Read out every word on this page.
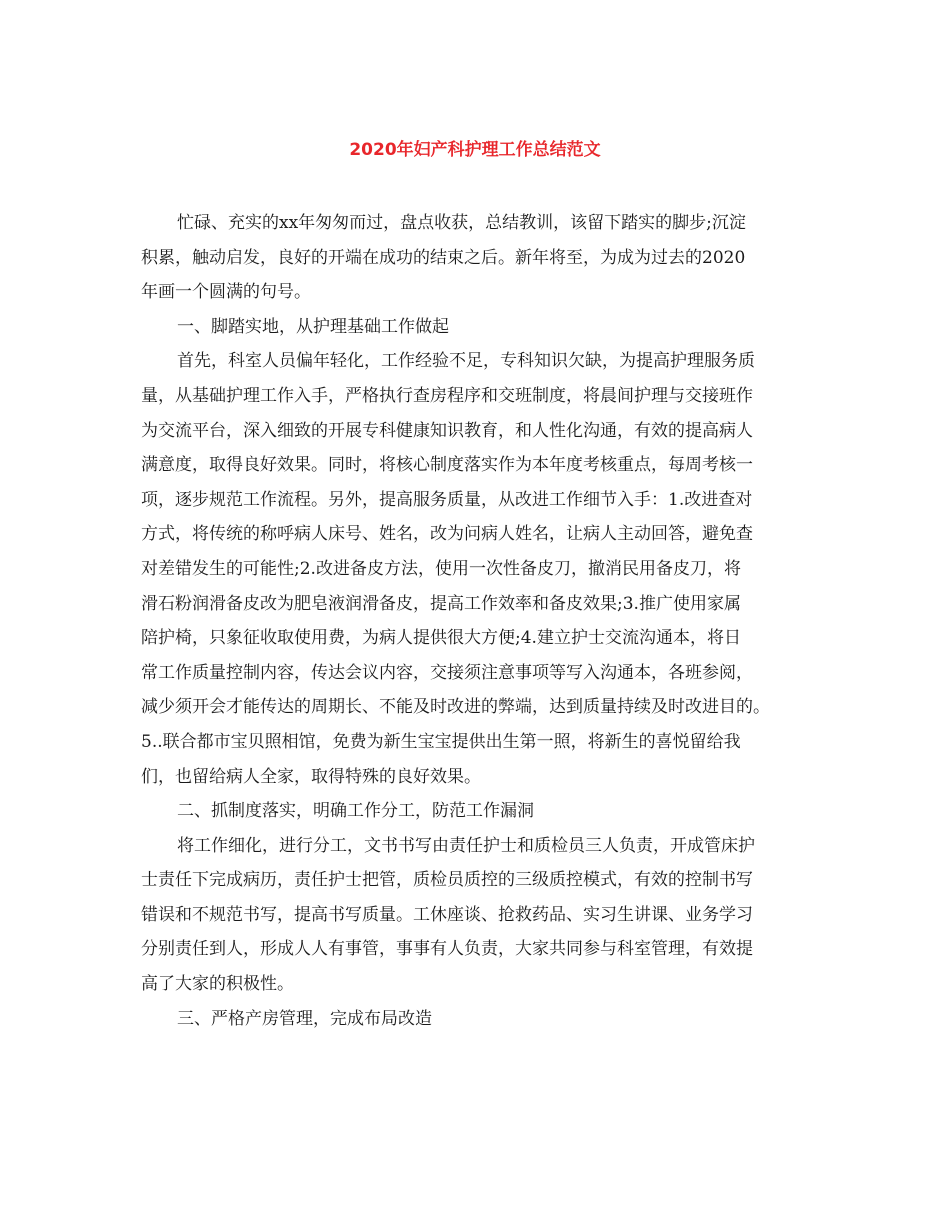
2020年妇产科护理工作总结范文

忙碌、充实的xx年匆匆而过，盘点收获，总结教训，该留下踏实的脚步;沉淀

积累，触动启发，良好的开端在成功的结束之后。新年将至，为成为过去的2020

年画一个圆满的句号。

一、脚踏实地，从护理基础工作做起

首先，科室人员偏年轻化，工作经验不足，专科知识欠缺，为提高护理服务质

量，从基础护理工作入手，严格执行查房程序和交班制度，将晨间护理与交接班作

为交流平台，深入细致的开展专科健康知识教育，和人性化沟通，有效的提高病人

满意度，取得良好效果。同时，将核心制度落实作为本年度考核重点，每周考核一

项，逐步规范工作流程。另外，提高服务质量，从改进工作细节入手：1.改进查对

方式，将传统的称呼病人床号、姓名，改为问病人姓名，让病人主动回答，避免查

对差错发生的可能性;2.改进备皮方法，使用一次性备皮刀，撤消民用备皮刀，将

滑石粉润滑备皮改为肥皂液润滑备皮，提高工作效率和备皮效果;3.推广使用家属

陪护椅，只象征收取使用费，为病人提供很大方便;4.建立护士交流沟通本，将日

常工作质量控制内容，传达会议内容，交接须注意事项等写入沟通本，各班参阅，

减少须开会才能传达的周期长、不能及时改进的弊端，达到质量持续及时改进目的。

5..联合都市宝贝照相馆，免费为新生宝宝提供出生第一照，将新生的喜悦留给我

们，也留给病人全家，取得特殊的良好效果。

二、抓制度落实，明确工作分工，防范工作漏洞

将工作细化，进行分工，文书书写由责任护士和质检员三人负责，开成管床护

士责任下完成病历，责任护士把管，质检员质控的三级质控模式，有效的控制书写

错误和不规范书写，提高书写质量。工休座谈、抢救药品、实习生讲课、业务学习

分别责任到人，形成人人有事管，事事有人负责，大家共同参与科室管理，有效提

高了大家的积极性。

三、严格产房管理，完成布局改造
